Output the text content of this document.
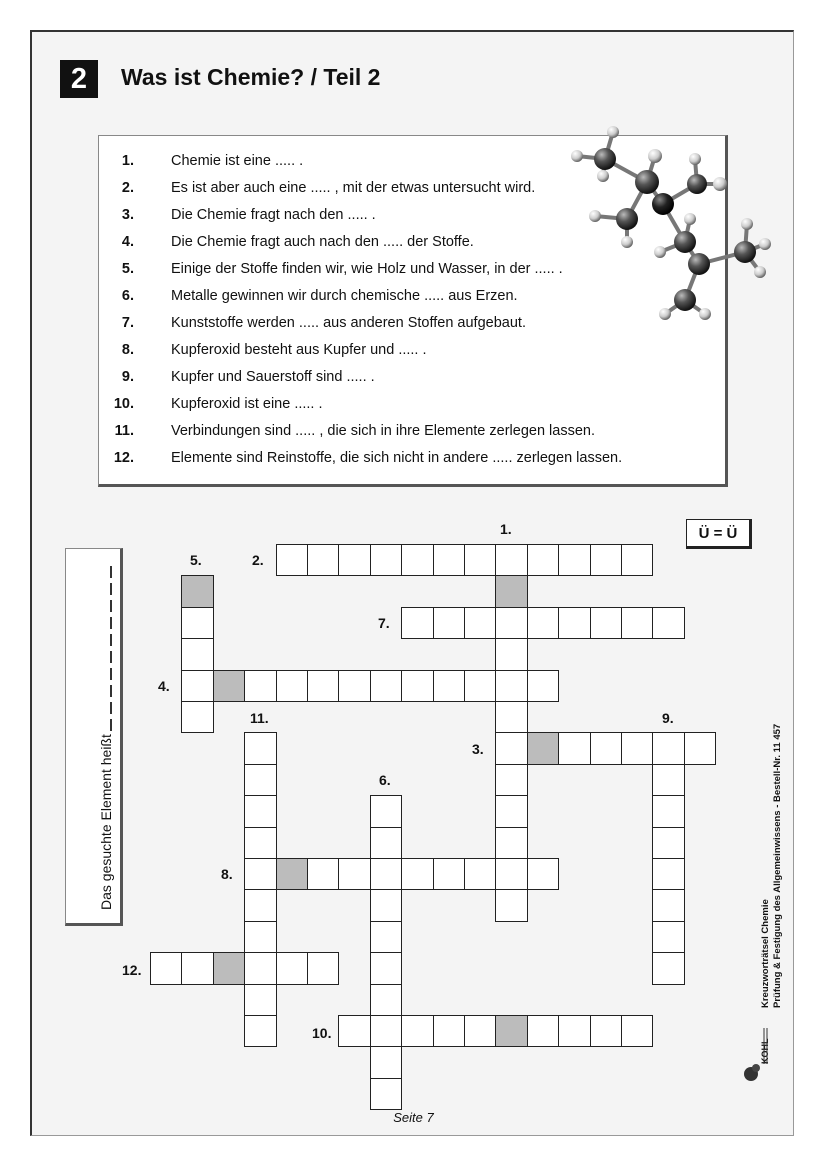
2	Was ist Chemie? / Teil 2
1.	Chemie ist eine ..... .
2.	Es ist aber auch eine ..... , mit der etwas untersucht wird.
3.	Die Chemie fragt nach den ..... .
4.	Die Chemie fragt auch nach den ..... der Stoffe.
5.	Einige der Stoffe finden wir, wie Holz und Wasser, in der ..... .
6.	Metalle gewinnen wir durch chemische ..... aus Erzen.
7.	Kunststoffe werden ..... aus anderen Stoffen aufgebaut.
8.	Kupferoxid besteht aus Kupfer und ..... .
9.	Kupfer und Sauerstoff sind ..... .
10.	Kupferoxid ist eine ..... .
11.	Verbindungen sind ..... , die sich in ihre Elemente zerlegen lassen.
12.	Elemente sind Reinstoffe, die sich nicht in andere ..... zerlegen lassen.
Ü = Ü
Das gesuchte Element heißt
1.
2.
3.
4.
5.
6.
7.
8.
9.
10.
11.
12.	Kreuzworträtsel Chemie Prüfung & Festigung des Allgemeinwissens - Bestell-Nr. 11 457
KOHL
Seite 7
